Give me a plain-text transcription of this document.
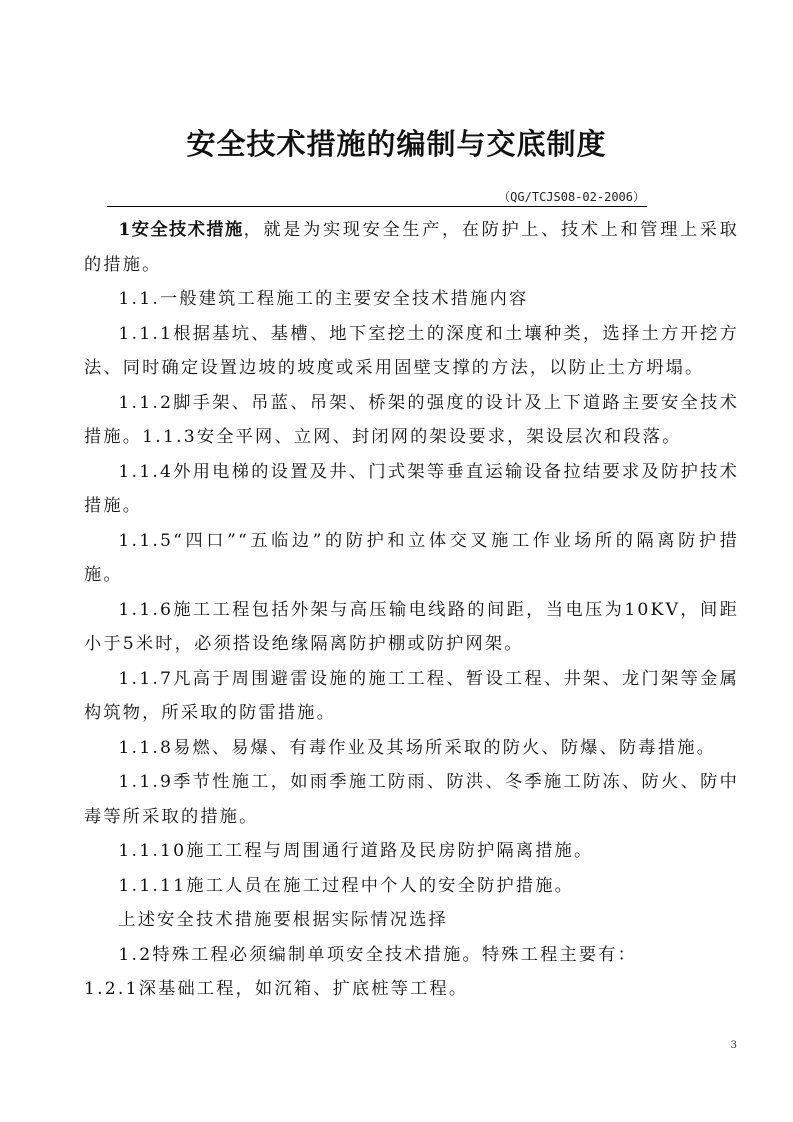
安全技术措施的编制与交底制度
（QG/TCJS08-02-2006）

1安全技术措施，就是为实现安全生产，在防护上、技术上和管理上采取的措施。

1.1.一般建筑工程施工的主要安全技术措施内容

1.1.1根据基坑、基槽、地下室挖土的深度和土壤种类，选择土方开挖方法、同时确定设置边坡的坡度或采用固壁支撑的方法，以防止土方坍塌。

1.1.2脚手架、吊蓝、吊架、桥架的强度的设计及上下道路主要安全技术措施。1.1.3安全平网、立网、封闭网的架设要求，架设层次和段落。

1.1.4外用电梯的设置及井、门式架等垂直运输设备拉结要求及防护技术措施。

1.1.5“四口”“五临边”的防护和立体交叉施工作业场所的隔离防护措施。

1.1.6施工工程包括外架与高压输电线路的间距，当电压为10KV，间距小于5米时，必须搭设绝缘隔离防护棚或防护网架。

1.1.7凡高于周围避雷设施的施工工程、暂设工程、井架、龙门架等金属构筑物，所采取的防雷措施。

1.1.8易燃、易爆、有毒作业及其场所采取的防火、防爆、防毒措施。

1.1.9季节性施工，如雨季施工防雨、防洪、冬季施工防冻、防火、防中毒等所采取的措施。

1.1.10施工工程与周围通行道路及民房防护隔离措施。

1.1.11施工人员在施工过程中个人的安全防护措施。

上述安全技术措施要根据实际情况选择

1.2特殊工程必须编制单项安全技术措施。特殊工程主要有：

1.2.1深基础工程，如沉箱、扩底桩等工程。

3
